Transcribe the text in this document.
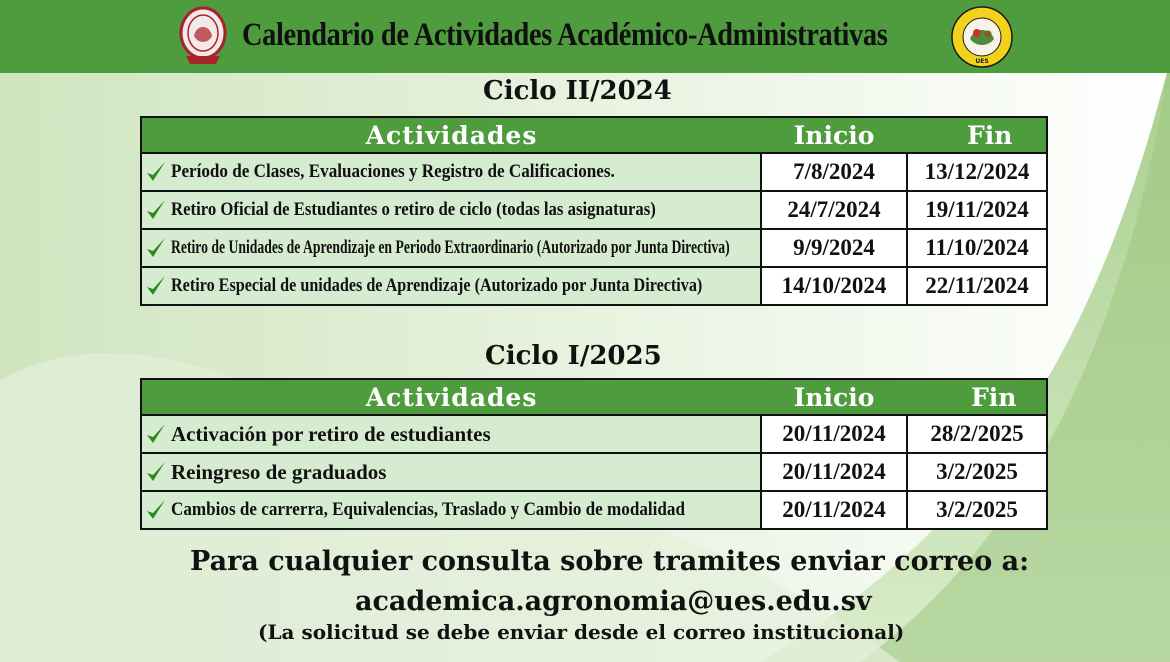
Calendario de Actividades Académico-Administrativas
UES
Ciclo II/2024
Actividades	Inicio	Fin

Período de Clases, Evaluaciones y Registro de Calificaciones.	7/8/2024	13/12/2024

Retiro Oficial de Estudiantes o retiro de ciclo (todas las asignaturas)	24/7/2024	19/11/2024

Retiro de Unidades de Aprendizaje en Periodo Extraordinario (Autorizado por Junta Directiva)	9/9/2024	11/10/2024

Retiro Especial de unidades de Aprendizaje (Autorizado por Junta Directiva)	14/10/2024	22/11/2024
Ciclo I/2025
Actividades	Inicio	Fin

Activación por retiro de estudiantes	20/11/2024	28/2/2025

Reingreso de graduados	20/11/2024	3/2/2025

Cambios de carrerra, Equivalencias, Traslado y Cambio de modalidad	20/11/2024	3/2/2025
Para cualquier consulta sobre tramites enviar correo a:
academica.agronomia@ues.edu.sv
(La solicitud se debe enviar desde el correo institucional)
